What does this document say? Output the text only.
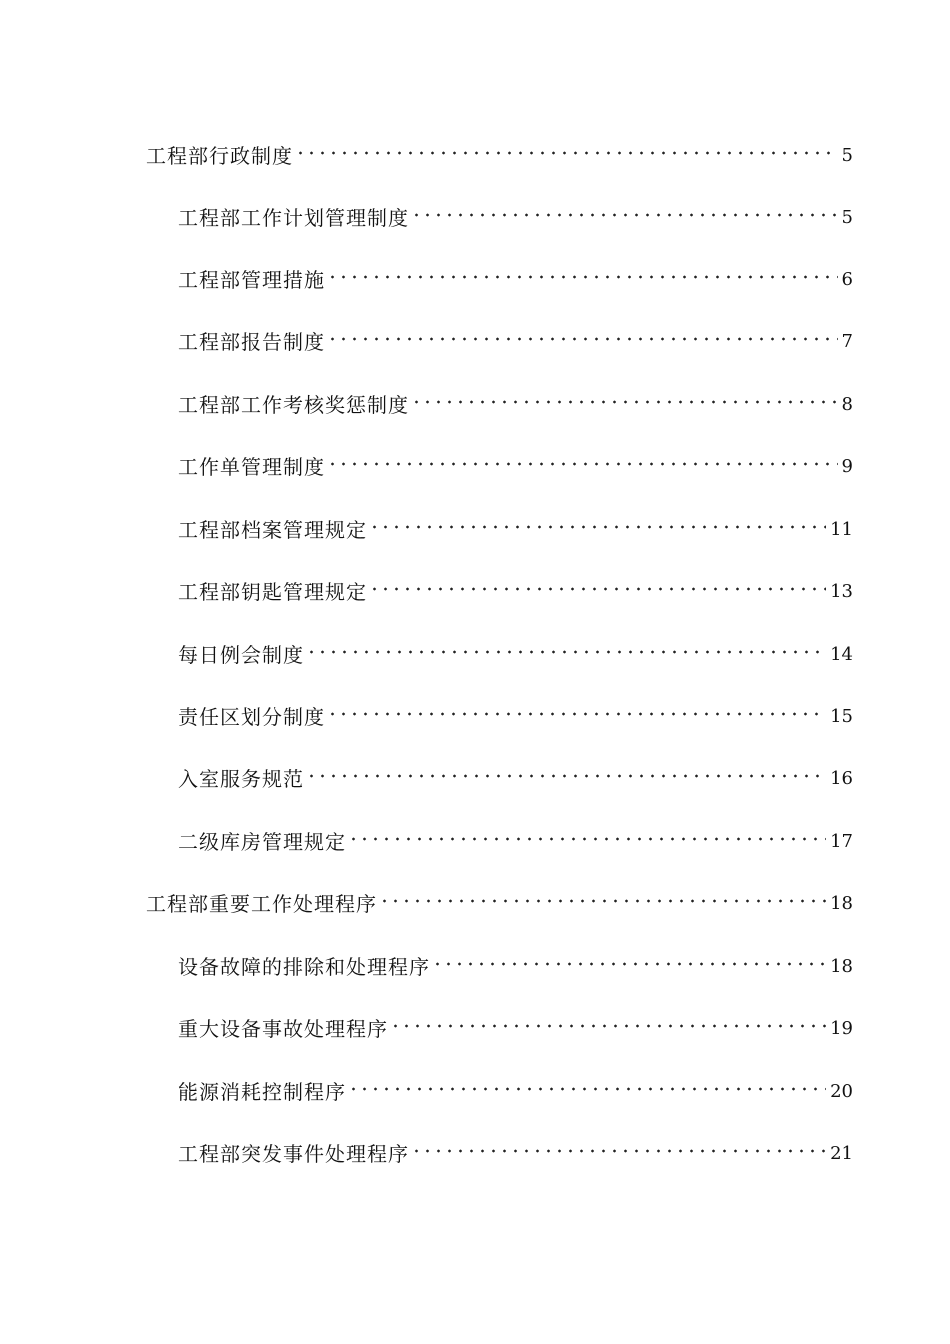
工程部行政制度	5
工程部工作计划管理制度	5
工程部管理措施	6
工程部报告制度	7
工程部工作考核奖惩制度	8
工作单管理制度	9
工程部档案管理规定	11
工程部钥匙管理规定	13
每日例会制度	14
责任区划分制度	15
入室服务规范	16
二级库房管理规定	17
工程部重要工作处理程序	18
设备故障的排除和处理程序	18
重大设备事故处理程序	19
能源消耗控制程序	20
工程部突发事件处理程序	21
